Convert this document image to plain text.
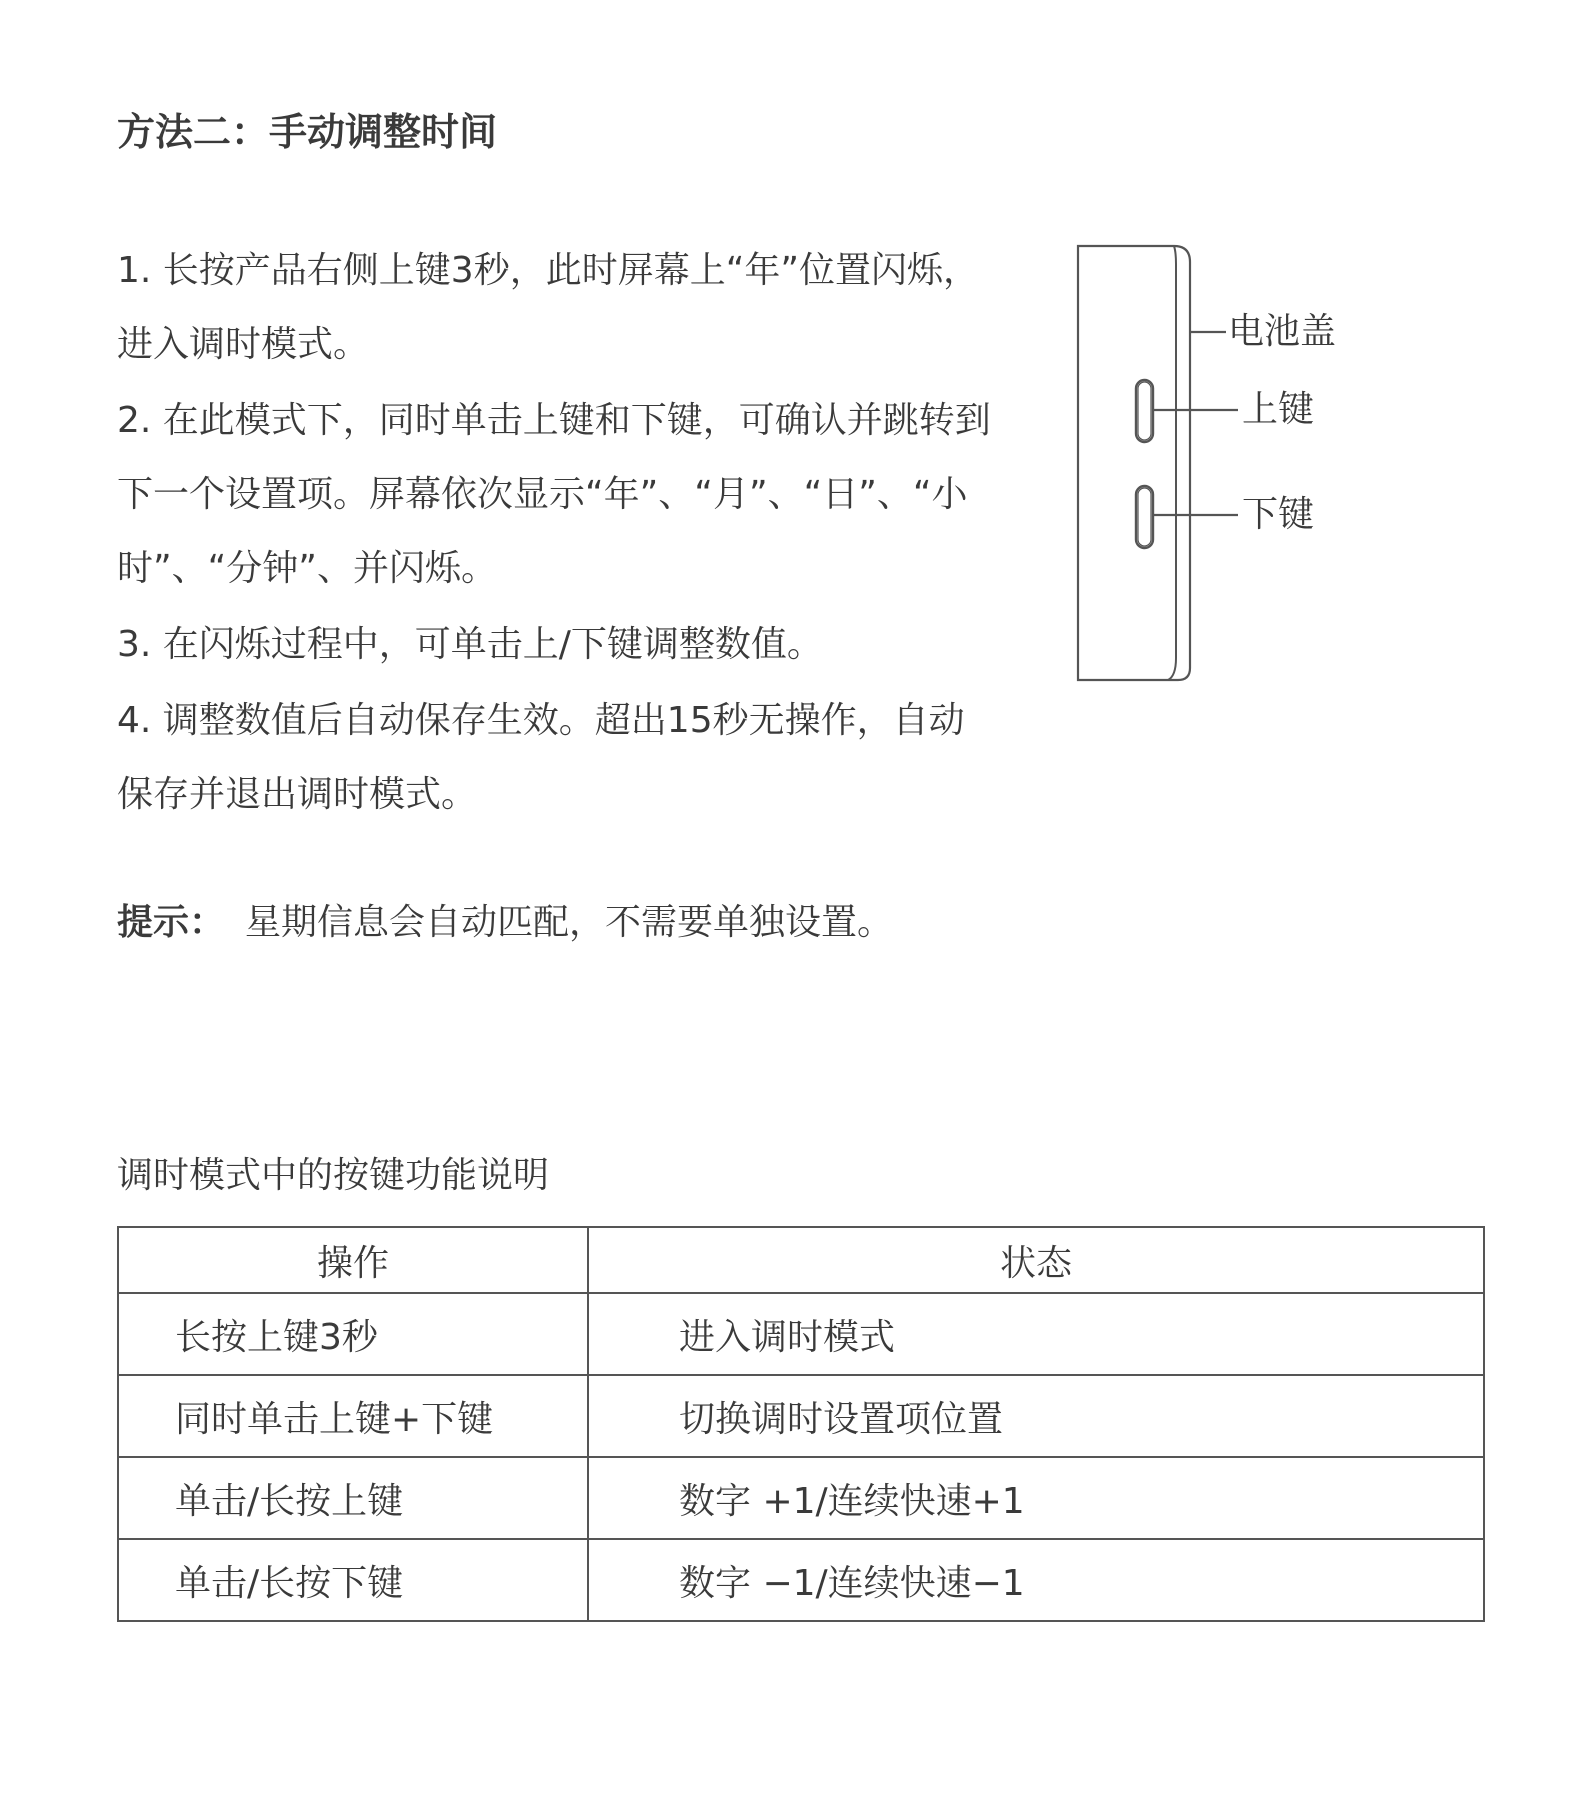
方法二：手动调整时间
1. 长按产品右侧上键3秒，此时屏幕上“年”位置闪烁，进入调时模式。
2. 在此模式下，同时单击上键和下键，可确认并跳转到下一个设置项。屏幕依次显示“年”、“月”、“日”、“小时”、“分钟”、并闪烁。
3. 在闪烁过程中，可单击上/下键调整数值。
4. 调整数值后自动保存生效。超出15秒无操作，自动保存并退出调时模式。
电池盖
上键
下键
提示： 星期信息会自动匹配，不需要单独设置。
调时模式中的按键功能说明
操作	状态
长按上键3秒	进入调时模式
同时单击上键+下键	切换调时设置项位置
单击/长按上键	数字 +1/连续快速+1
单击/长按下键	数字 −1/连续快速−1
